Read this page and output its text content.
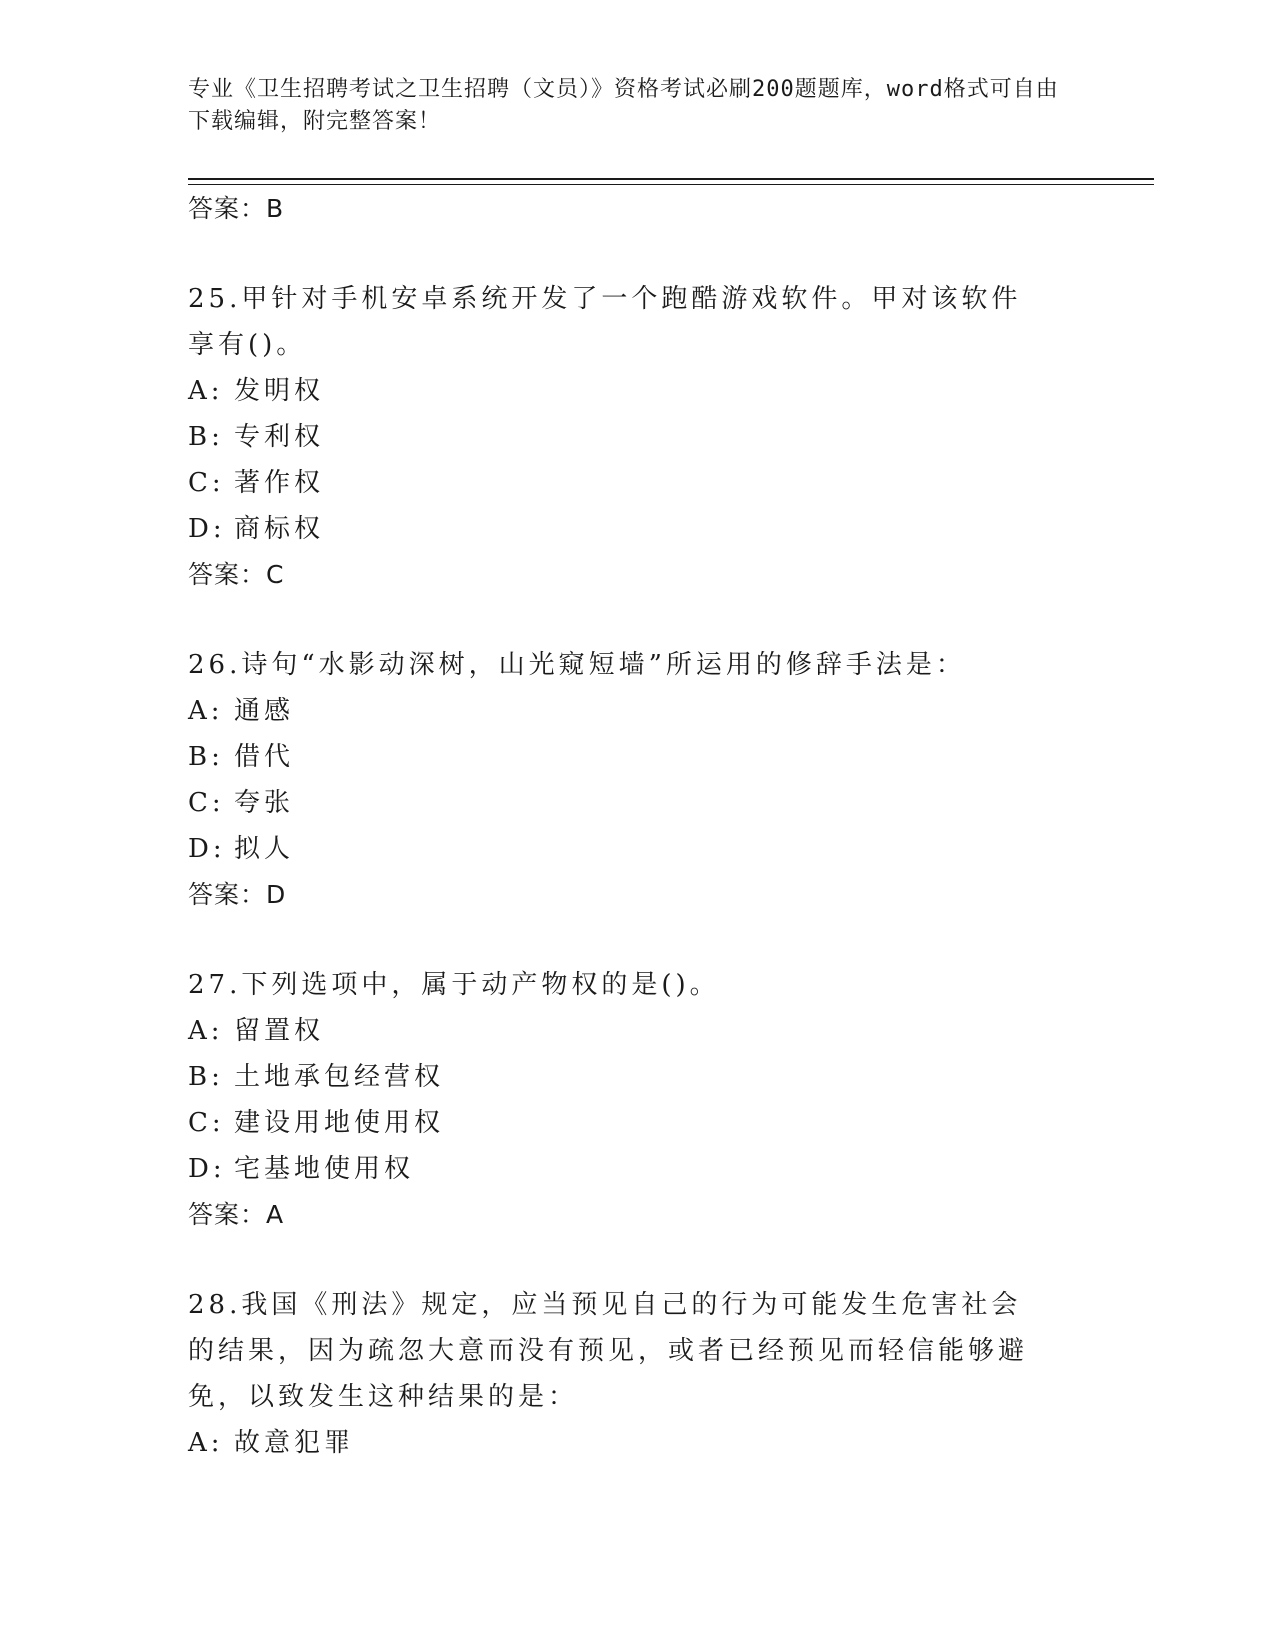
专业《卫生招聘考试之卫生招聘（文员）》资格考试必刷200题题库，word格式可自由下载编辑，附完整答案！
答案：B
25.甲针对手机安卓系统开发了一个跑酷游戏软件。甲对该软件享有()。
A: 发明权
B: 专利权
C: 著作权
D: 商标权
答案：C
26.诗句“水影动深树，山光窥短墙”所运用的修辞手法是：
A: 通感
B: 借代
C: 夸张
D: 拟人
答案：D
27.下列选项中，属于动产物权的是()。
A: 留置权
B: 土地承包经营权
C: 建设用地使用权
D: 宅基地使用权
答案：A
28.我国《刑法》规定，应当预见自己的行为可能发生危害社会的结果，因为疏忽大意而没有预见，或者已经预见而轻信能够避免，以致发生这种结果的是：
A: 故意犯罪
